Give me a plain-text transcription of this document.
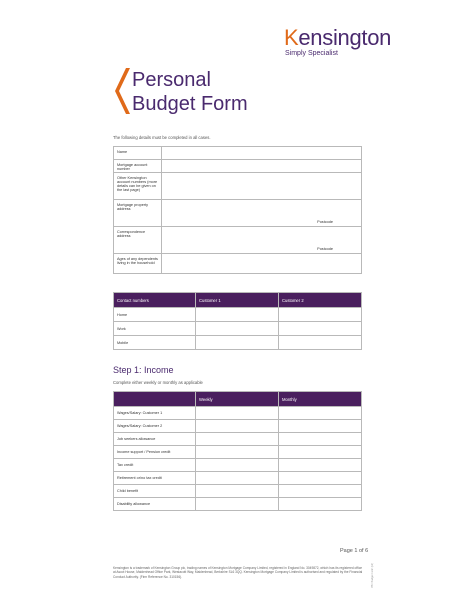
Kensington
Simply Specialist
Personal
Budget Form
The following details must be completed in all cases.
Name	
Mortgage account number	
Other Kensington account numbers (more details can be given on the last page)	
Mortgage property address	Postcode
Correspondence address	Postcode
Ages of any dependents living in the household	
Contact numbers	Customer 1	Customer 2
Home		
Work		
Mobile		
Step 1: Income
Complete either weekly or monthly as applicable
	Weekly	Monthly
Wages/Salary: Customer 1		
Wages/Salary: Customer 2		
Job seekers allowance		
Income support / Pension credit		
Tax credit		
Retirement or/no tax credit		
Child benefit		
Disability allowance		
Page 1 of 6
Kensington is a trademark of Kensington Group plc, trading names of Kensington Mortgage Company Limited, registered in England No. 3049872, which has its registered office at Ascot House, Maidenhead Office Park, Westacott Way, Maidenhead, Berkshire SL6 3QQ. Kensington Mortgage Company Limited is authorised and regulated by the Financial Conduct Authority. (Firm Reference No. 310156).	PBF Budget Form (v2)
